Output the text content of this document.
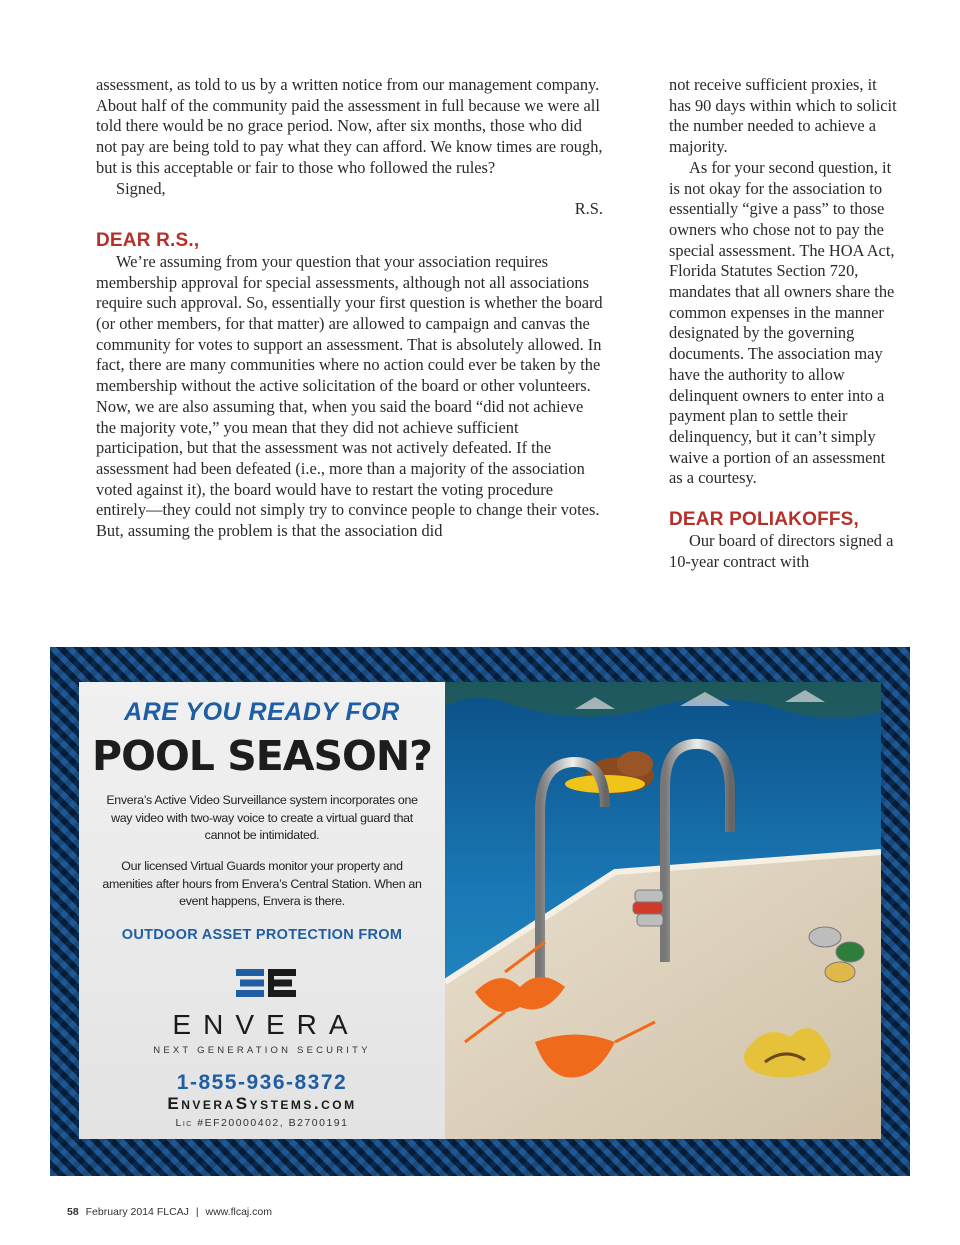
assessment, as told to us by a written notice from our management company. About half of the community paid the assessment in full because we were all told there would be no grace period. Now, after six months, those who did not pay are being told to pay what they can afford. We know times are rough, but is this acceptable or fair to those who followed the rules?

Signed,

R.S.

DEAR R.S.,

We’re assuming from your question that your association requires membership approval for special assessments, although not all associations require such approval. So, essentially your first question is whether the board (or other members, for that matter) are allowed to campaign and canvas the community for votes to support an assessment. That is absolutely allowed. In fact, there are many communities where no action could ever be taken by the membership without the active solicitation of the board or other volunteers. Now, we are also assuming that, when you said the board “did not achieve the majority vote,” you mean that they did not achieve sufficient participation, but that the assessment was not actively defeated. If the assessment had been defeated (i.e., more than a majority of the association voted against it), the board would have to restart the voting procedure entirely—they could not simply try to convince people to change their votes. But, assuming the problem is that the association did

not receive sufficient proxies, it has 90 days within which to solicit the number needed to achieve a majority.

As for your second question, it is not okay for the association to essentially “give a pass” to those owners who chose not to pay the special assessment. The HOA Act, Florida Statutes Section 720, mandates that all owners share the common expenses in the manner designated by the governing documents. The association may have the authority to allow delinquent owners to enter into a payment plan to settle their delinquency, but it can’t simply waive a portion of an assessment as a courtesy.

DEAR POLIAKOFFS,

Our board of directors signed a 10-year contract with

ARE YOU READY FOR
POOL SEASON?
Envera’s Active Video Surveillance system incorporates one way video with two-way voice to create a virtual guard that cannot be intimidated.
Our licensed Virtual Guards monitor your property and amenities after hours from Envera’s Central Station. When an event happens, Envera is there.
OUTDOOR ASSET PROTECTION FROM
ENVERA
NEXT GENERATION SECURITY
1-855-936-8372
EnveraSystems.com
Lic #EF20000402, B2700191
58 February 2014 FLCAJ | www.flcaj.com
